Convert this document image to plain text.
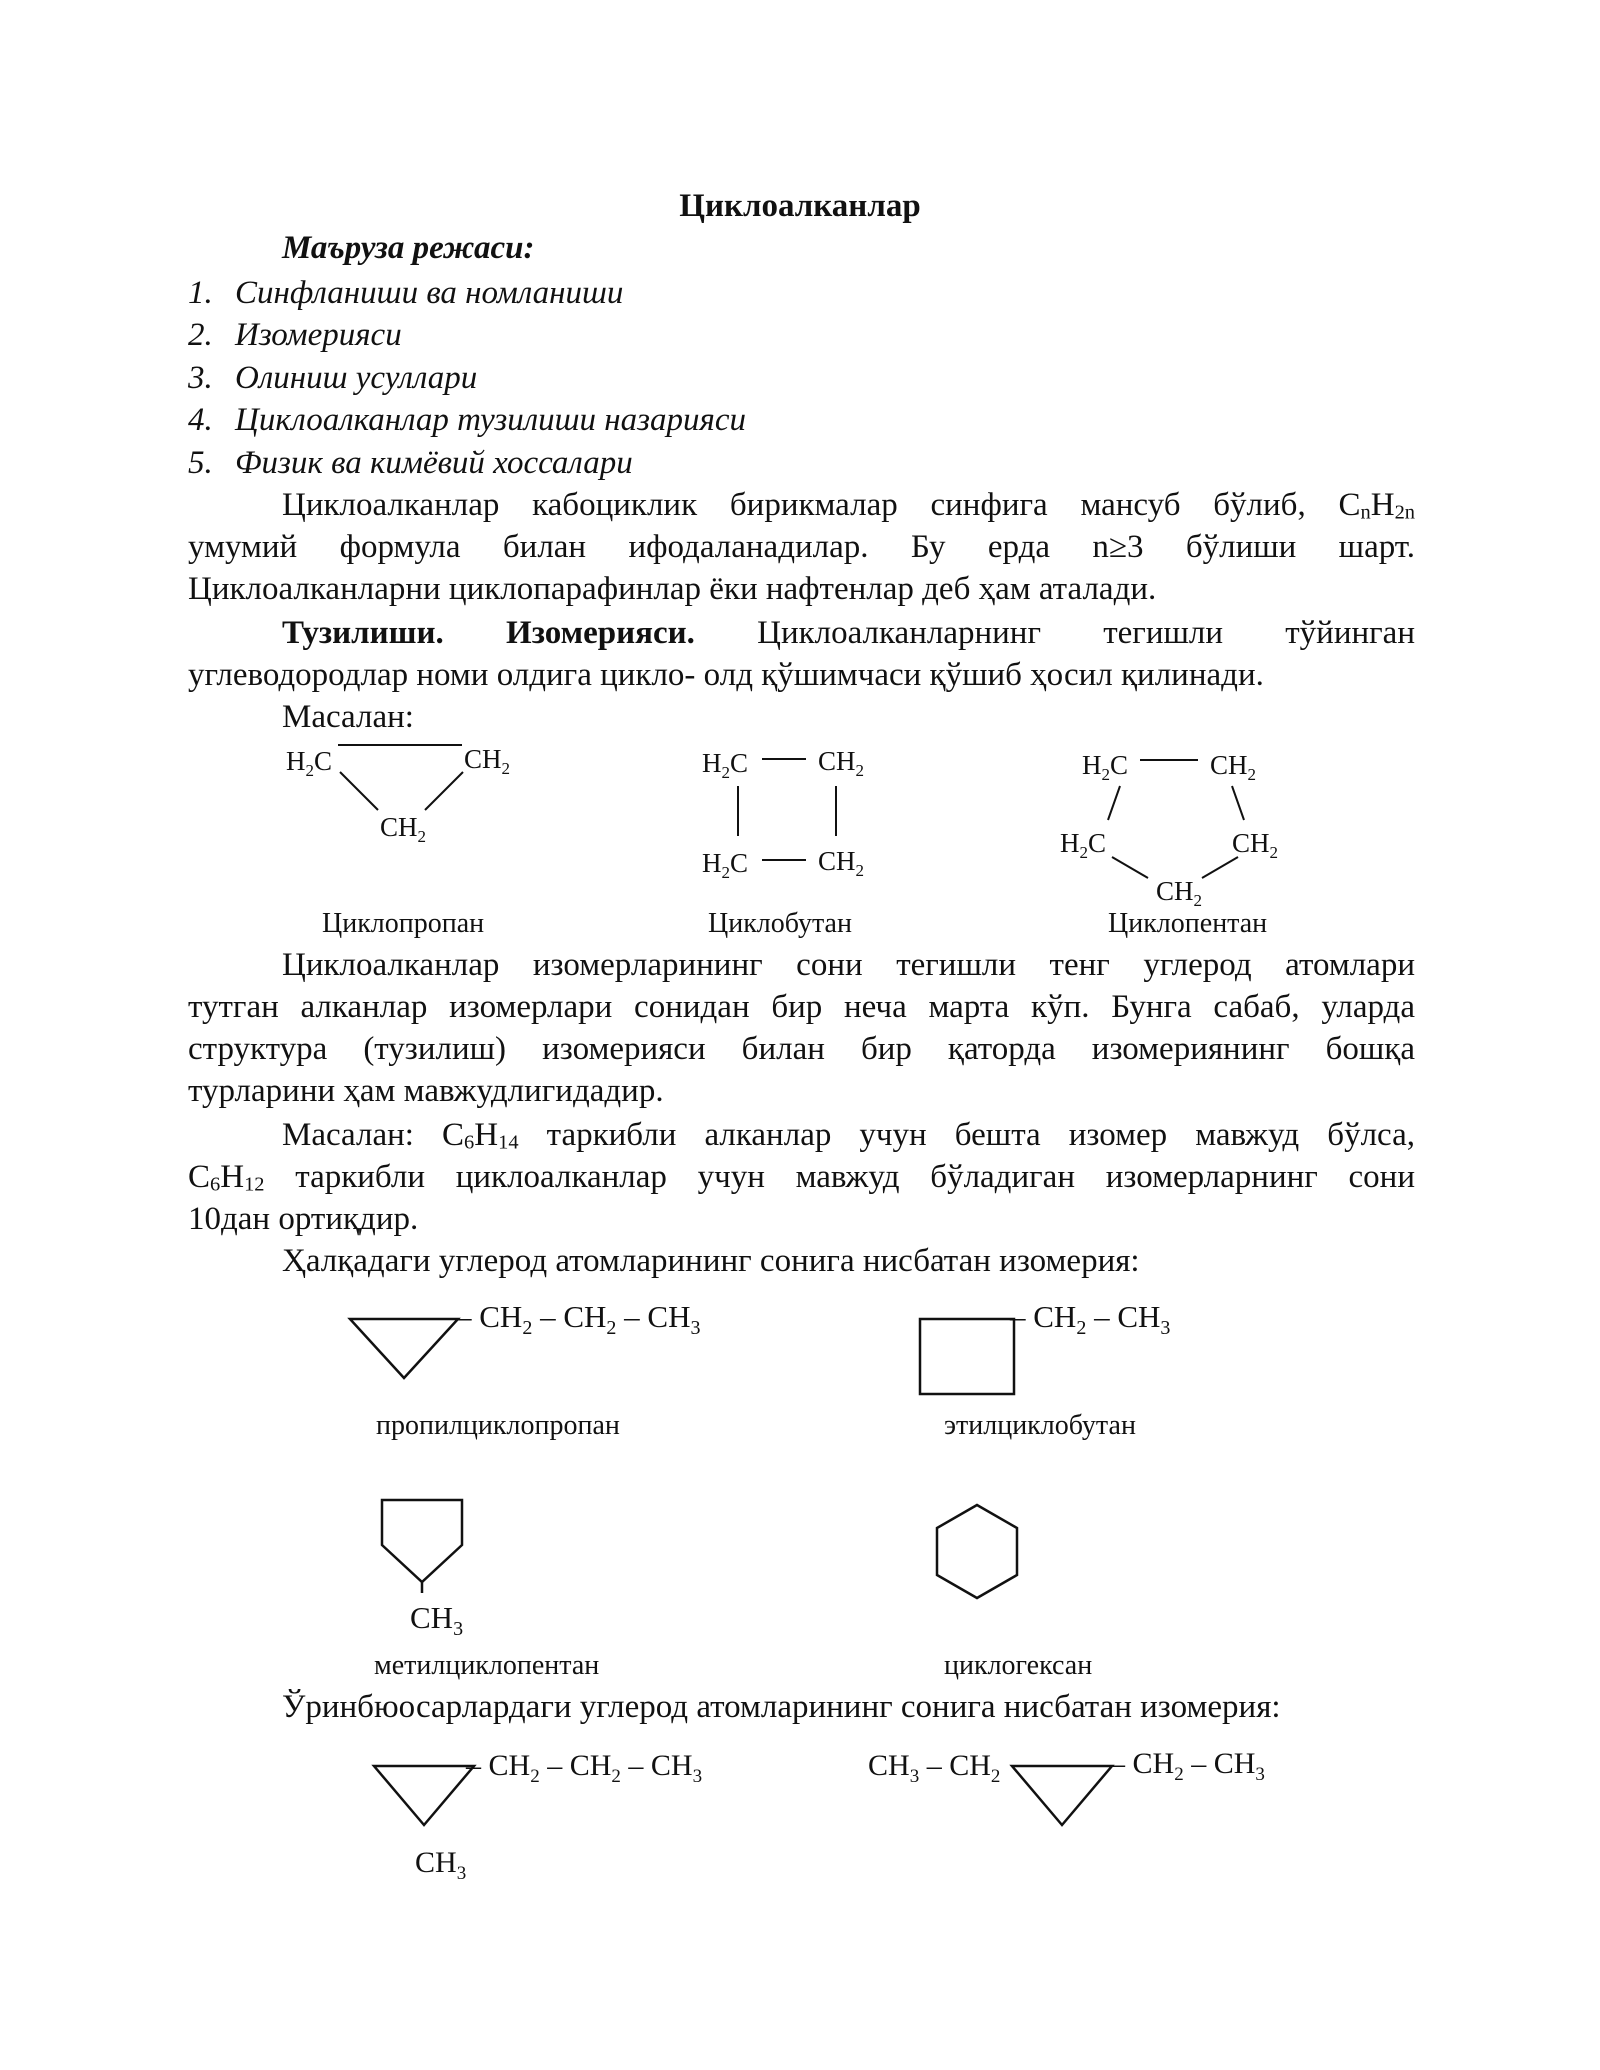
Циклоалканлар
Маъруза режаси:
1. Синфланиши ва номланиши
2. Изомерияси
3. Олиниш усуллари
4. Циклоалканлар тузилиши назарияси
5. Физик ва кимёвий хоссалари
Циклоалканлар кабоциклик бирикмалар синфига мансуб бўлиб, $C_nH_{2n}$
умумий формула билан ифодаланадилар. Бу ерда n≥3 бўлиши шарт.
Циклоалканларни циклопарафинлар ёки нафтенлар деб ҳам аталади.
Тузилиши. Изомерияси. Циклоалканларнинг тегишли тўйинган
углеводородлар номи олдига цикло- олд қўшимчаси қўшиб ҳосил қилинади.
Масалан:
$H_2C$	$CH_2$
$CH_2$
$H_2C$	$CH_2$
$H_2C$	$CH_2$
$H_2C$	$CH_2$
$H_2C$	$CH_2$
$CH_2$
– $CH_2 - CH_2 - CH_3$	– $CH_2 - CH_3$
$CH_3$
– $CH_2 - CH_2 - CH_3$
$CH_3$
$CH_3 - CH_2$	– $CH_2 - CH_3$
Циклопропан	Циклобутан	Циклопентан
Циклоалканлар изомерларининг сони тегишли тенг углерод атомлари
тутган алканлар изомерлари сонидан бир неча марта кўп. Бунга сабаб, уларда
структура (тузилиш) изомерияси билан бир қаторда изомериянинг бошқа
турларини ҳам мавжудлигидадир.
Масалан: $C_6H_{14}$ таркибли алканлар учун бешта изомер мавжуд бўлса,
$C_6H_{12}$ таркибли циклоалканлар учун мавжуд бўладиган изомерларнинг сони
10дан ортиқдир.
Ҳалқадаги углерод атомларининг сонига нисбатан изомерия:
пропилциклопропан	этилциклобутан
метилциклопентан	циклогексан
Ўринбюосарлардаги углерод атомларининг сонига нисбатан изомерия:
